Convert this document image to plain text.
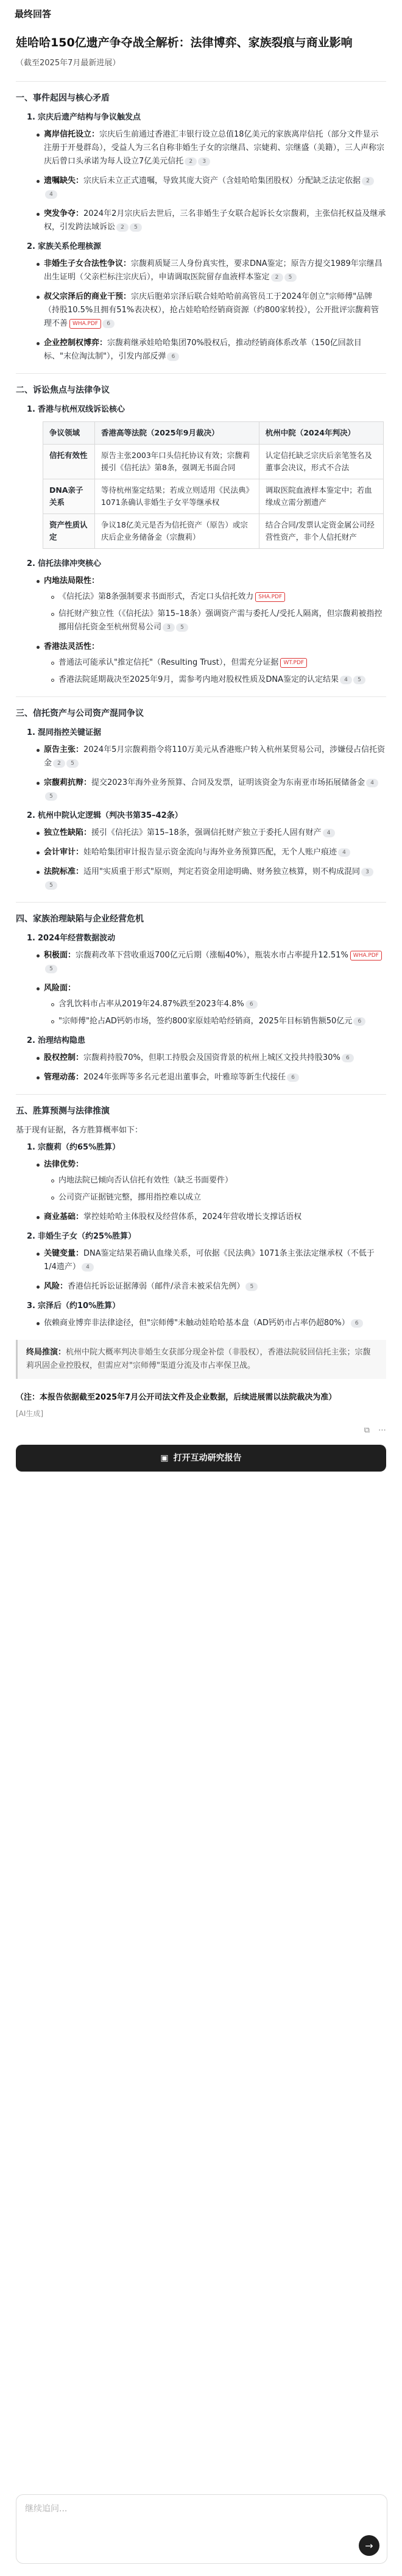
最终回答
娃哈哈150亿遗产争夺战全解析：法律博弈、家族裂痕与商业影响
（截至2025年7月最新进展）
一、事件起因与核心矛盾
1. 宗庆后遗产结构与争议触发点
离岸信托设立：宗庆后生前通过香港汇丰银行设立总值18亿美元的家族离岸信托（部分文件显示注册于开曼群岛），受益人为三名自称非婚生子女的宗继昌、宗婕莉、宗继盛（美籍），三人声称宗庆后曾口头承诺为每人设立7亿美元信托 2 3
遗嘱缺失：宗庆后未立正式遗嘱，导致其庞大资产（含娃哈哈集团股权）分配缺乏法定依据 24
突发争夺：2024年2月宗庆后去世后，三名非婚生子女联合起诉长女宗馥莉，主张信托权益及继承权，引发跨法域诉讼 2 5
2. 家族关系伦理核源
非婚生子女合法性争议：宗馥莉质疑三人身份真实性，要求DNA鉴定；原告方提交1989年宗继昌出生证明（父亲栏标注宗庆后），申请调取医院留存血液样本鉴定 2 5
叔父宗泽后的商业干预：宗庆后胞弟宗泽后联合娃哈哈前高管员工于2024年创立"宗师傅"品牌（持股10.5%且拥有51%表决权），抢占娃哈哈经销商资源（约800家转投），公开批评宗馥莉管理不善 WHA.PDF 6
企业控制权博弈：宗馥莉继承娃哈哈集团70%股权后，推动经销商体系改革（150亿回款目标、"末位淘汰制"），引发内部反弹 6
二、诉讼焦点与法律争议
1. 香港与杭州双线诉讼核心
争议领域	香港高等法院（2025年9月裁决）	杭州中院（2024年判决）
信托有效性	原告主张2003年口头信托协议有效；宗馥莉援引《信托法》第8条，强调无书面合同	认定信托缺乏宗庆后亲笔签名及董事会决议，形式不合法
DNA亲子关系	等待杭州鉴定结果；若成立则适用《民法典》1071条确认非婚生子女平等继承权	调取医院血液样本鉴定中；若血缘成立需分割遗产
资产性质认定	争议18亿美元是否为信托资产（原告）或宗庆后企业务储备金（宗馥莉）	结合合同/发票认定资金属公司经营性资产，非个人信托财产
2. 信托法律冲突核心
内地法局限性：
《信托法》第8条强制要求书面形式，否定口头信托效力 SHA.PDF
信托财产独立性（《信托法》第15–18条）强调资产需与委托人/受托人隔离，但宗馥莉被指控挪用信托资金至杭州贸易公司 3 5
香港法灵活性：
普通法可能承认"推定信托"（Resulting Trust），但需充分证据 WT.PDF
香港法院延期裁决至2025年9月，需参考内地对股权性质及DNA鉴定的认定结果 4 5
三、信托资产与公司资产混同争议
1. 混同指控关键证据
原告主张：2024年5月宗馥莉指令将110万美元从香港账户转入杭州某贸易公司，涉嫌侵占信托资金 2 5
宗馥莉抗辩：提交2023年海外业务预算、合同及发票，证明该资金为东南亚市场拓展储备金 45
2. 杭州中院认定逻辑（判决书第35–42条）
独立性缺陷：援引《信托法》第15–18条，强调信托财产独立于委托人固有财产 4
会计审计：娃哈哈集团审计报告显示资金流向与海外业务预算匹配，无个人账户痕迹 4
法院标准：适用"实质重于形式"原则，判定若资金用途明确、财务独立核算，则不构成混同 35
四、家族治理缺陷与企业经营危机
1. 2024年经营数据波动
积极面：宗馥莉改革下营收重返700亿元后期（涨幅40%），瓶装水市占率提升12.51% WHA.PDF5
风险面：
含乳饮料市占率从2019年24.87%跌至2023年4.8% 6
"宗师傅"抢占AD钙奶市场，签约800家原娃哈哈经销商，2025年目标销售额50亿元 6
2. 治理结构隐患
股权控制：宗馥莉持股70%，但职工持股会及国资背景的杭州上城区文投共持股30% 6
管理动荡：2024年张晖等多名元老退出董事会，叶雅琼等新生代接任 6
五、胜算预测与法律推演
基于现有证据，各方胜算概率如下：
1. 宗馥莉（约65%胜算）
法律优势：
内地法院已倾向否认信托有效性（缺乏书面要件）
公司资产证据链完整，挪用指控难以成立
商业基础：掌控娃哈哈主体股权及经营体系，2024年营收增长支撑话语权
2. 非婚生子女（约25%胜算）
关键变量：DNA鉴定结果若确认血缘关系，可依据《民法典》1071条主张法定继承权（不低于1/4遗产） 4
风险：香港信托诉讼证据薄弱（邮件/录音未被采信先例） 5
3. 宗泽后（约10%胜算）
依赖商业博弈非法律途径，但"宗师傅"未触动娃哈哈基本盘（AD钙奶市占率仍超80%） 6
终局推演：杭州中院大概率判决非婚生女获部分现金补偿（非股权），香港法院驳回信托主张；宗馥莉巩固企业控股权，但需应对"宗师傅"渠道分流及市占率保卫战。
（注：本报告依据截至2025年7月公开司法文件及企业数据，后续进展需以法院裁决为准）
[AI生成]
⧉ ⋯
▣ 打开互动研究报告
继续追问...
→
